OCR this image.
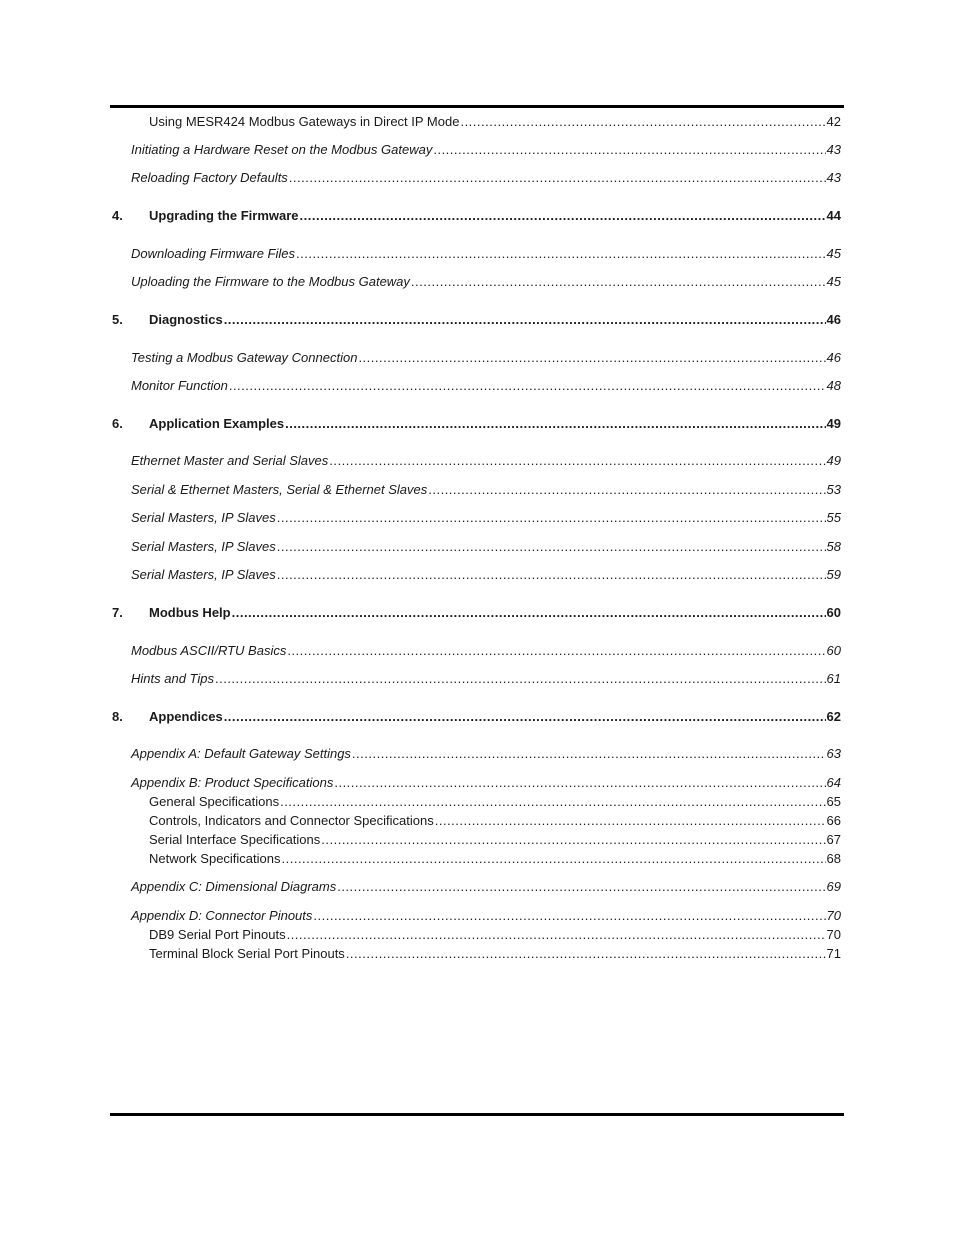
Using MESR424 Modbus Gateways in Direct IP Mode .....	42
Initiating a Hardware Reset on the Modbus Gateway .....	43
Reloading Factory Defaults .....	43
4.	Upgrading the Firmware .....	44
Downloading Firmware Files .....	45
Uploading the Firmware to the Modbus Gateway .....	45
5.	Diagnostics .....	46
Testing a Modbus Gateway Connection .....	46
Monitor Function .....	48
6.	Application Examples .....	49
Ethernet Master and Serial Slaves .....	49
Serial & Ethernet Masters, Serial & Ethernet Slaves .....	53
Serial Masters, IP Slaves .....	55
Serial Masters, IP Slaves .....	58
Serial Masters, IP Slaves .....	59
7.	Modbus Help .....	60
Modbus ASCII/RTU Basics .....	60
Hints and Tips .....	61
8.	Appendices .....	62
Appendix A: Default Gateway Settings .....	63
Appendix B: Product Specifications .....	64
General Specifications .....	65
Controls, Indicators and Connector Specifications .....	66
Serial Interface Specifications .....	67
Network Specifications .....	68
Appendix C: Dimensional Diagrams .....	69
Appendix D: Connector Pinouts .....	70
DB9 Serial Port Pinouts .....	70
Terminal Block Serial Port Pinouts .....	71
